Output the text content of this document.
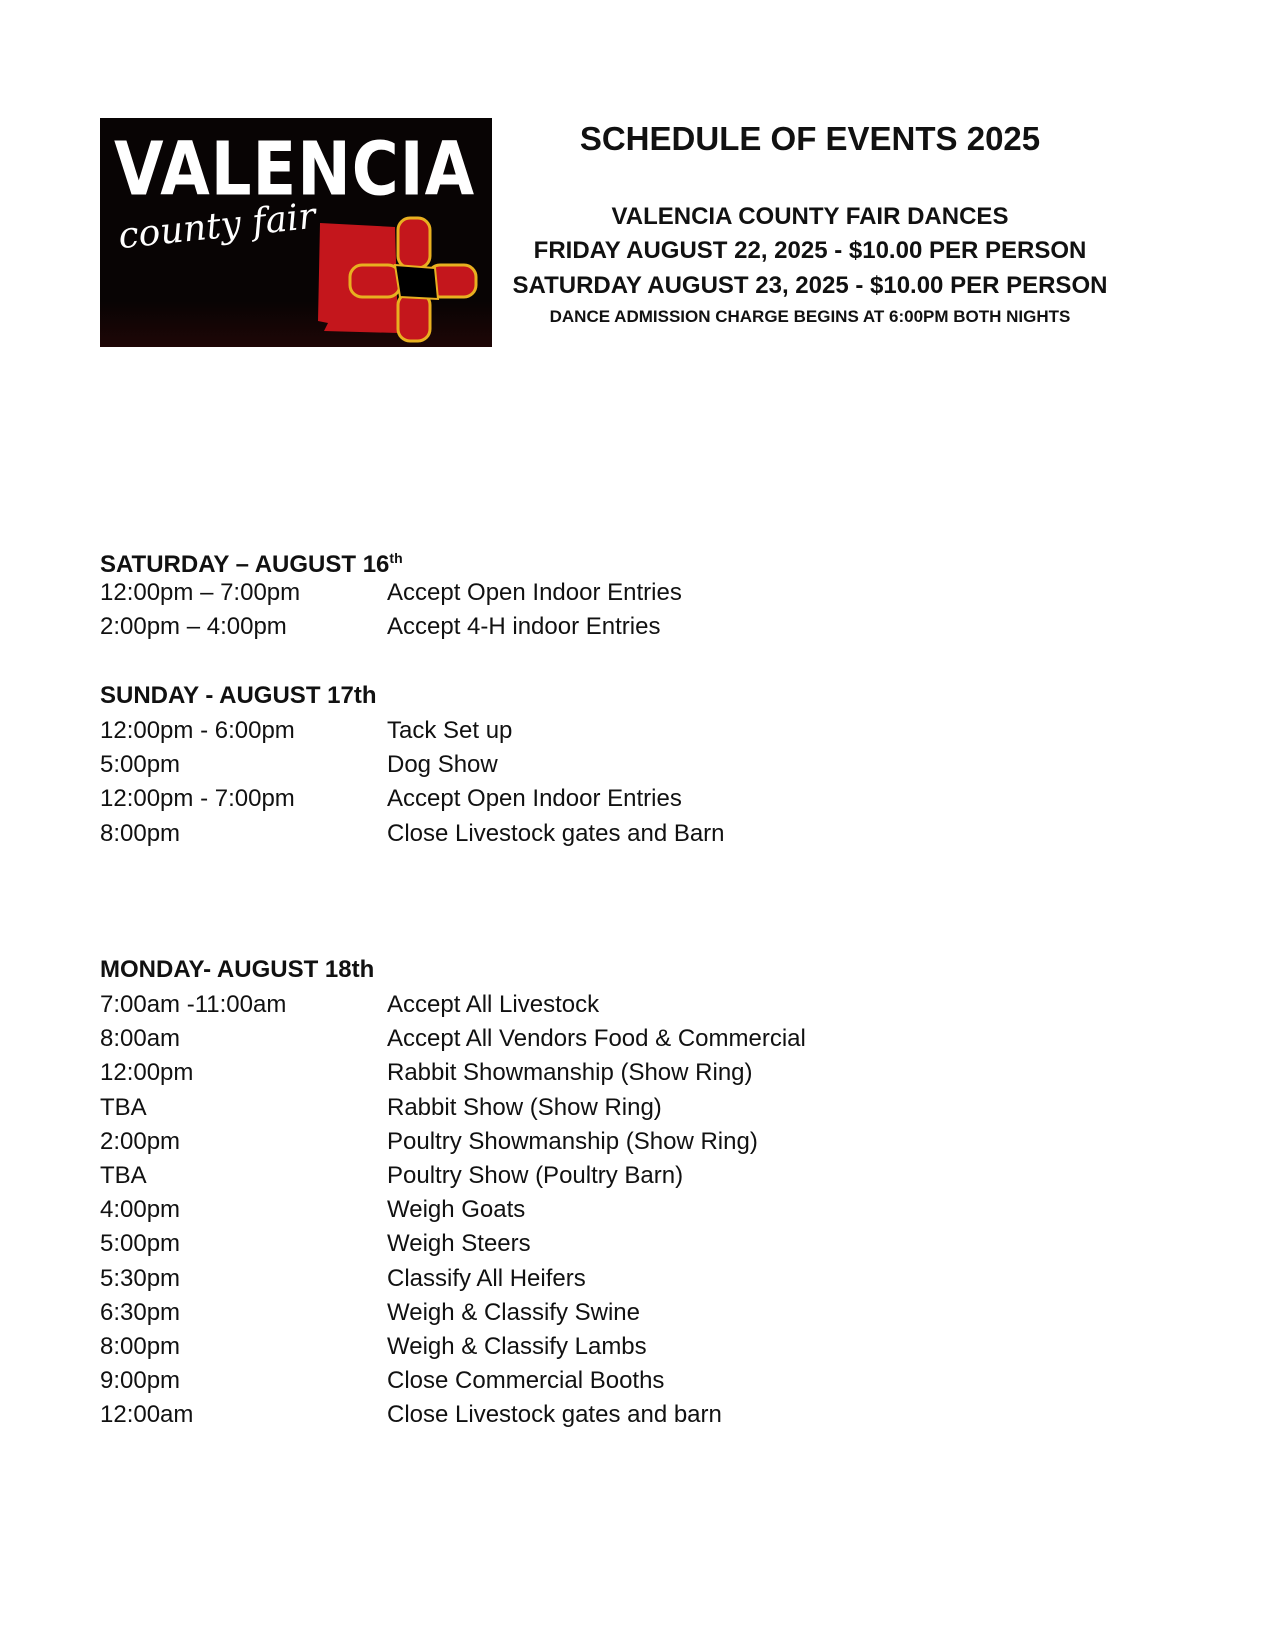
VALENCIA
county fair
SCHEDULE OF EVENTS 2025
VALENCIA COUNTY FAIR DANCES
FRIDAY AUGUST 22, 2025 - $10.00 PER PERSON
SATURDAY AUGUST 23, 2025 - $10.00 PER PERSON
DANCE ADMISSION CHARGE BEGINS AT 6:00PM BOTH NIGHTS
SATURDAY – AUGUST 16th
12:00pm – 7:00pm	Accept Open Indoor Entries
2:00pm – 4:00pm	Accept 4-H indoor Entries
SUNDAY - AUGUST 17th
12:00pm - 6:00pm	Tack Set up
5:00pm	Dog Show
12:00pm - 7:00pm	Accept Open Indoor Entries
8:00pm	Close Livestock gates and Barn
MONDAY- AUGUST 18th
7:00am -11:00am	Accept All Livestock
8:00am	Accept All Vendors Food & Commercial
12:00pm	Rabbit Showmanship (Show Ring)
TBA	Rabbit Show (Show Ring)
2:00pm	Poultry Showmanship (Show Ring)
TBA	Poultry Show (Poultry Barn)
4:00pm	Weigh Goats
5:00pm	Weigh Steers
5:30pm	Classify All Heifers
6:30pm	Weigh & Classify Swine
8:00pm	Weigh & Classify Lambs
9:00pm	Close Commercial Booths
12:00am	Close Livestock gates and barn
